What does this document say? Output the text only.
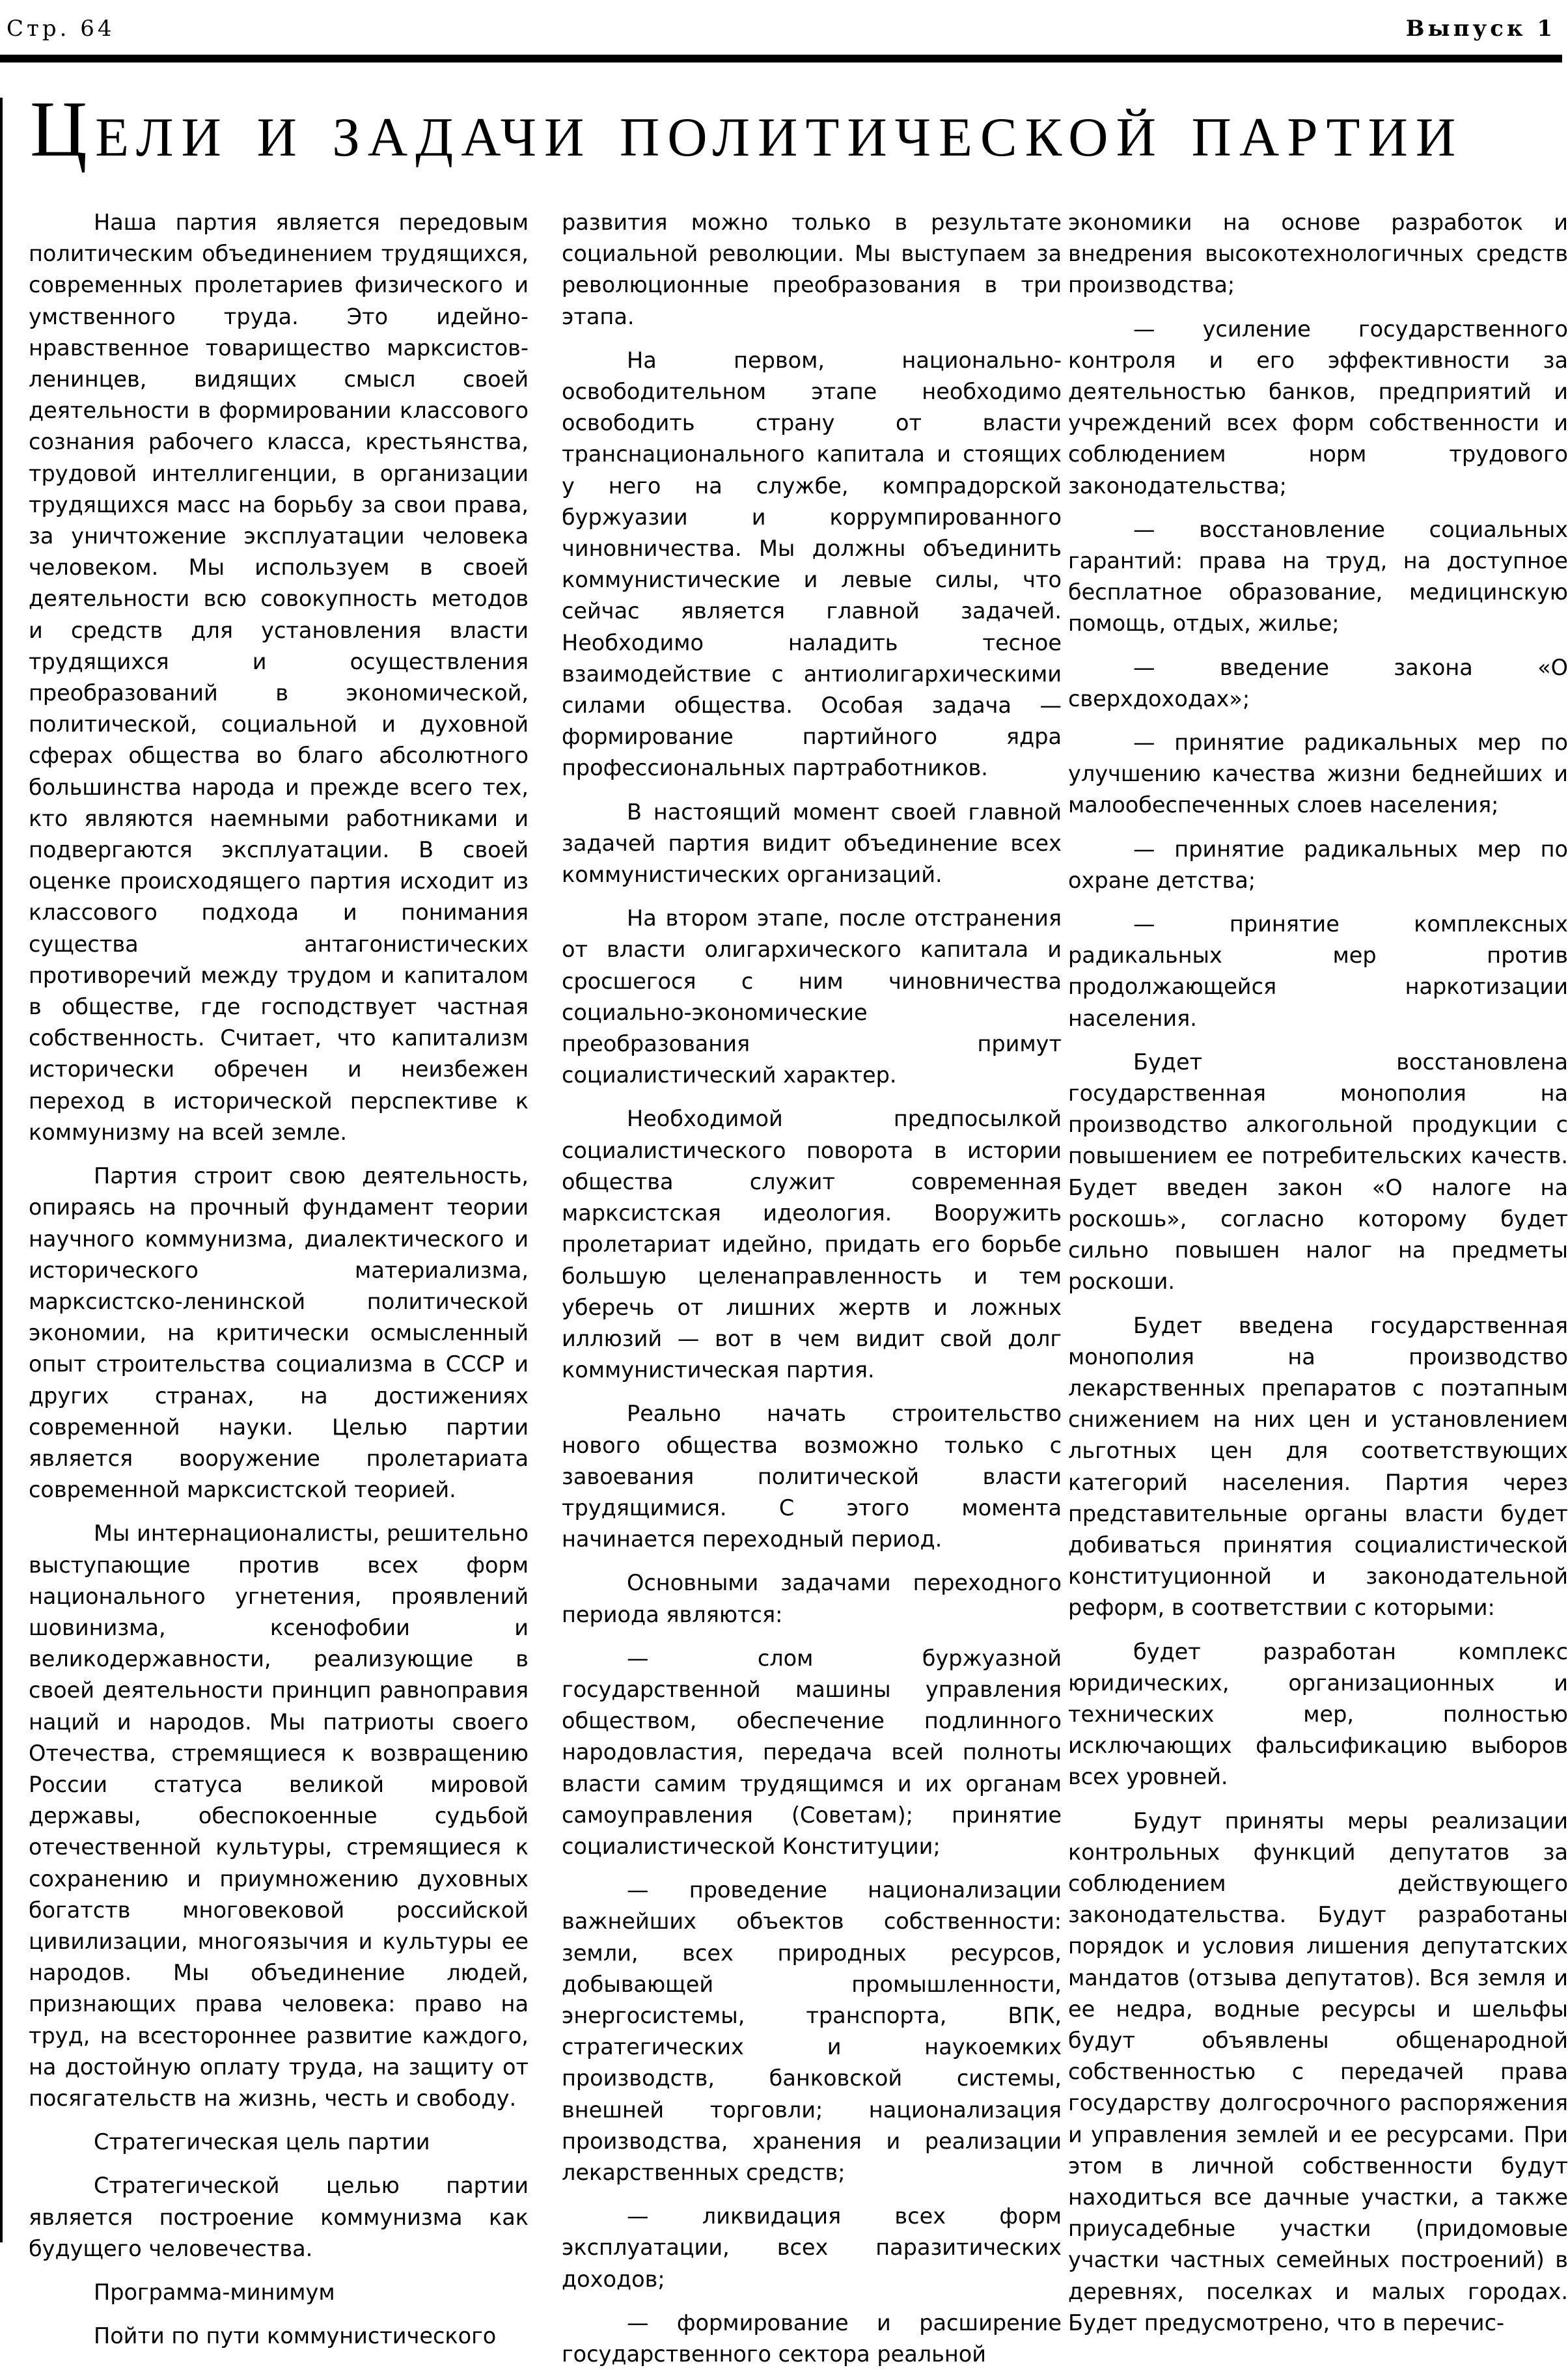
Стр. 64	Выпуск 1
Цели и задачи политической партии

Наша партия является передовым политическим объединением трудящихся, современных пролетариев физического и умственного труда. Это идейно-нравственное товарищество марксистов-ленинцев, видящих смысл своей деятельности в формировании классового сознания рабочего класса, крестьянства, трудовой интеллигенции, в организации трудящихся масс на борьбу за свои права, за уничтожение эксплуатации человека человеком. Мы используем в своей деятельности всю совокупность методов и средств для установления власти трудящихся и осуществления преобразований в экономической, политической, социальной и духовной сферах общества во благо абсолютного большинства народа и прежде всего тех, кто являются наемными работниками и подвергаются эксплуатации. В своей оценке происходящего партия исходит из классового подхода и понимания существа антагонистических противоречий между трудом и капиталом в обществе, где господствует частная собственность. Считает, что капитализм исторически обречен и неизбежен переход в исторической перспективе к коммунизму на всей земле.

Партия строит свою деятельность, опираясь на прочный фундамент теории научного коммунизма, диалектического и исторического материализма, марксистско-ленинской политической экономии, на критически осмысленный опыт строительства социализма в СССР и других странах, на достижениях современной науки. Целью партии является вооружение пролетариата современной марксистской теорией.

Мы интернационалисты, решительно выступающие против всех форм национального угнетения, проявлений шовинизма, ксенофобии и великодержавности, реализующие в своей деятельности принцип равноправия наций и народов. Мы патриоты своего Отечества, стремящиеся к возвращению России статуса великой мировой державы, обеспокоенные судьбой отечественной культуры, стремящиеся к сохранению и приумножению духовных богатств многовековой российской цивилизации, многоязычия и культуры ее народов. Мы объединение людей, признающих права человека: право на труд, на всестороннее развитие каждого, на достойную оплату труда, на защиту от посягательств на жизнь, честь и свободу.

Стратегическая цель партии

Стратегической целью партии является построение коммунизма как будущего человечества.

Программа-минимум

Пойти по пути коммунистического

развития можно только в результате социальной революции. Мы выступаем за революционные преобразования в три этапа.

На первом, национально-освободительном этапе необходимо освободить страну от власти транснационального капитала и стоящих у него на службе, компрадорской буржуазии и коррумпированного чиновничества. Мы должны объединить коммунистические и левые силы, что сейчас является главной задачей. Необходимо наладить тесное взаимодействие с антиолигархическими силами общества. Особая задача — формирование партийного ядра профессиональных партработников.

В настоящий момент своей главной задачей партия видит объединение всех коммунистических организаций.

На втором этапе, после отстранения от власти олигархического капитала и сросшегося с ним чиновничества социально-экономические преобразования примут социалистический характер.

Необходимой предпосылкой социалистического поворота в истории общества служит современная марксистская идеология. Вооружить пролетариат идейно, придать его борьбе большую целенаправленность и тем уберечь от лишних жертв и ложных иллюзий — вот в чем видит свой долг коммунистическая партия.

Реально начать строительство нового общества возможно только с завоевания политической власти трудящимися. С этого момента начинается переходный период.

Основными задачами переходного периода являются:

— слом буржуазной государственной машины управления обществом, обеспечение подлинного народовластия, передача всей полноты власти самим трудящимся и их органам самоуправления (Советам); принятие социалистической Конституции;

— проведение национализации важнейших объектов собственности: земли, всех природных ресурсов, добывающей промышленности, энергосистемы, транспорта, ВПК, стратегических и наукоемких производств, банковской системы, внешней торговли; национализация производства, хранения и реализации лекарственных средств;

— ликвидация всех форм эксплуатации, всех паразитических доходов;

— формирование и расширение государственного сектора реальной

экономики на основе разработок и внедрения высокотехнологичных средств производства;

— усиление государственного контроля и его эффективности за деятельностью банков, предприятий и учреждений всех форм собственности и соблюдением норм трудового законодательства;

— восстановление социальных гарантий: права на труд, на доступное бесплатное образование, медицинскую помощь, отдых, жилье;

— введение закона «О сверхдоходах»;

— принятие радикальных мер по улучшению качества жизни беднейших и малообеспеченных слоев населения;

— принятие радикальных мер по охране детства;

— принятие комплексных радикальных мер против продолжающейся наркотизации населения.

Будет восстановлена государственная монополия на производство алкогольной продукции с повышением ее потребительских качеств. Будет введен закон «О налоге на роскошь», согласно которому будет сильно повышен налог на предметы роскоши.

Будет введена государственная монополия на производство лекарственных препаратов с поэтапным снижением на них цен и установлением льготных цен для соответствующих категорий населения. Партия через представительные органы власти будет добиваться принятия социалистической конституционной и законодательной реформ, в соответствии с которыми:

будет разработан комплекс юридических, организационных и технических мер, полностью исключающих фальсификацию выборов всех уровней.

Будут приняты меры реализации контрольных функций депутатов за соблюдением действующего законодательства. Будут разработаны порядок и условия лишения депутатских мандатов (отзыва депутатов). Вся земля и ее недра, водные ресурсы и шельфы будут объявлены общенародной собственностью с передачей права государству долгосрочного распоряжения и управления землей и ее ресурсами. При этом в личной собственности будут находиться все дачные участки, а также приусадебные участки (придомовые участки частных семейных построений) в деревнях, поселках и малых городах. Будет предусмотрено, что в перечис-
